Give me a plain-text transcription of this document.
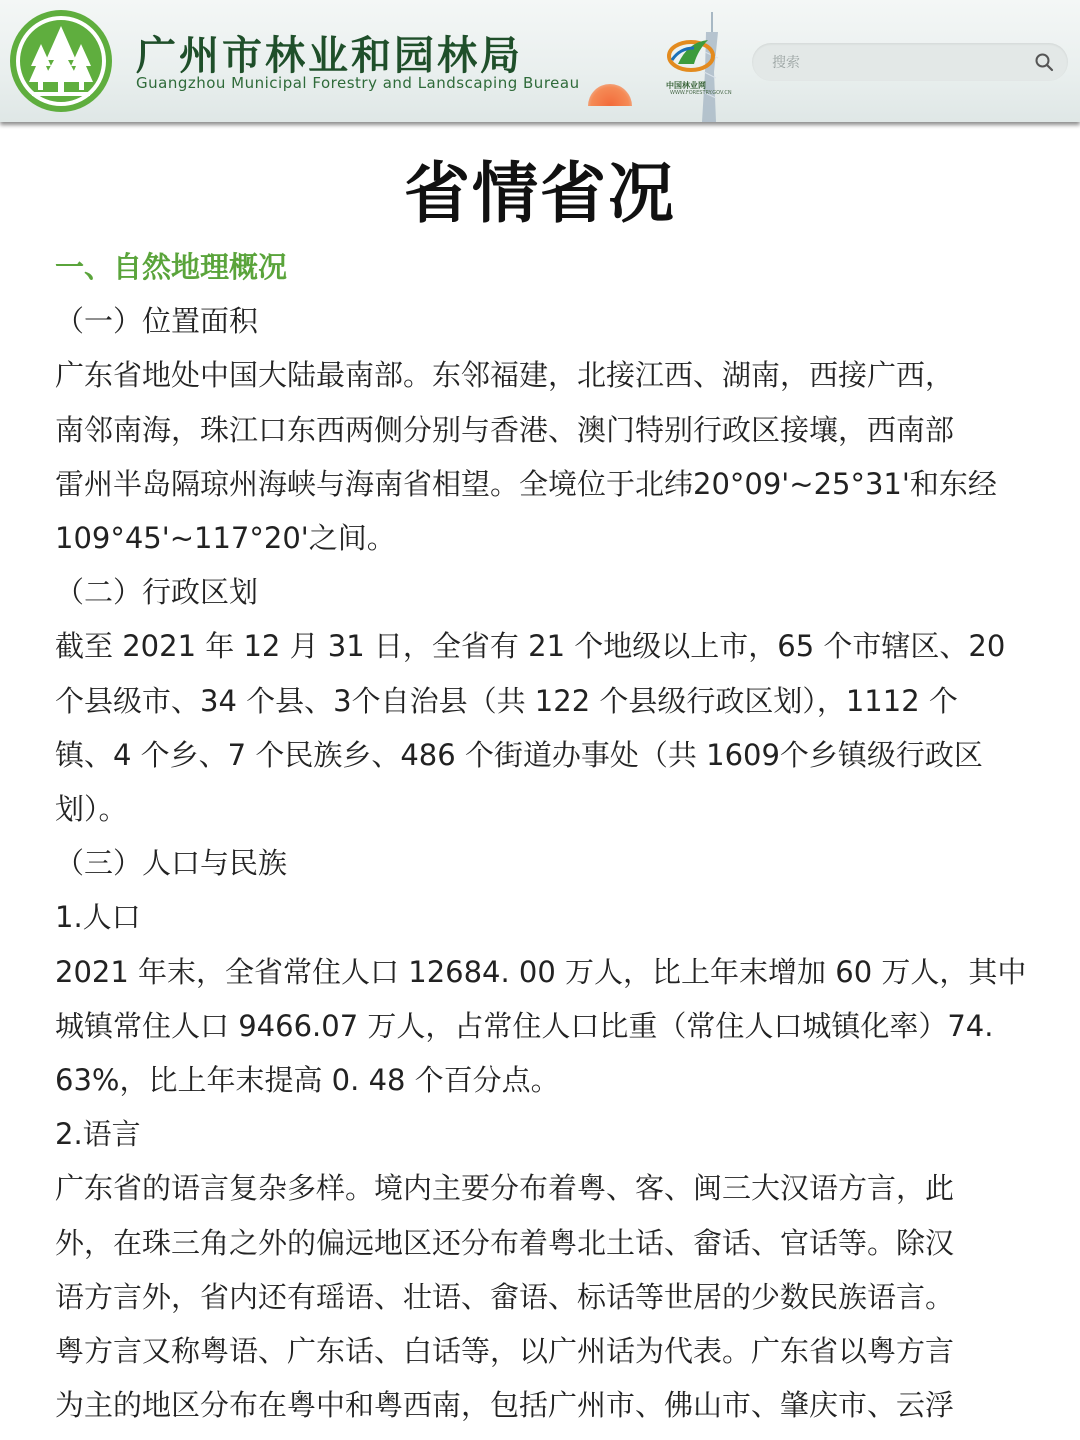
广州市林业和园林局
Guangzhou Municipal Forestry and Landscaping Bureau	中国林业网
WWW.FORESTRY.GOV.CN
搜索
省情省况
一、自然地理概况
（一）位置面积
广东省地处中国大陆最南部。东邻福建，北接江西、湖南，西接广西，
南邻南海，珠江口东西两侧分别与香港、澳门特别行政区接壤，西南部
雷州半岛隔琼州海峡与海南省相望。全境位于北纬20°09'~25°31'和东经
109°45'~117°20'之间。
（二）行政区划
截至 2021 年 12 月 31 日，全省有 21 个地级以上市，65 个市辖区、20
个县级市、34 个县、3个自治县（共 122 个县级行政区划），1112 个
镇、4 个乡、7 个民族乡、486 个街道办事处（共 1609个乡镇级行政区
划）。
（三）人口与民族
1.人口
2021 年末，全省常住人口 12684. 00 万人，比上年末增加 60 万人，其中
城镇常住人口 9466.07 万人，占常住人口比重（常住人口城镇化率）74.
63%，比上年末提高 0. 48 个百分点。
2.语言
广东省的语言复杂多样。境内主要分布着粤、客、闽三大汉语方言，此
外，在珠三角之外的偏远地区还分布着粤北土话、畲话、官话等。除汉
语方言外，省内还有瑶语、壮语、畲语、标话等世居的少数民族语言。
粤方言又称粤语、广东话、白话等，以广州话为代表。广东省以粤方言
为主的地区分布在粤中和粤西南，包括广州市、佛山市、肇庆市、云浮
